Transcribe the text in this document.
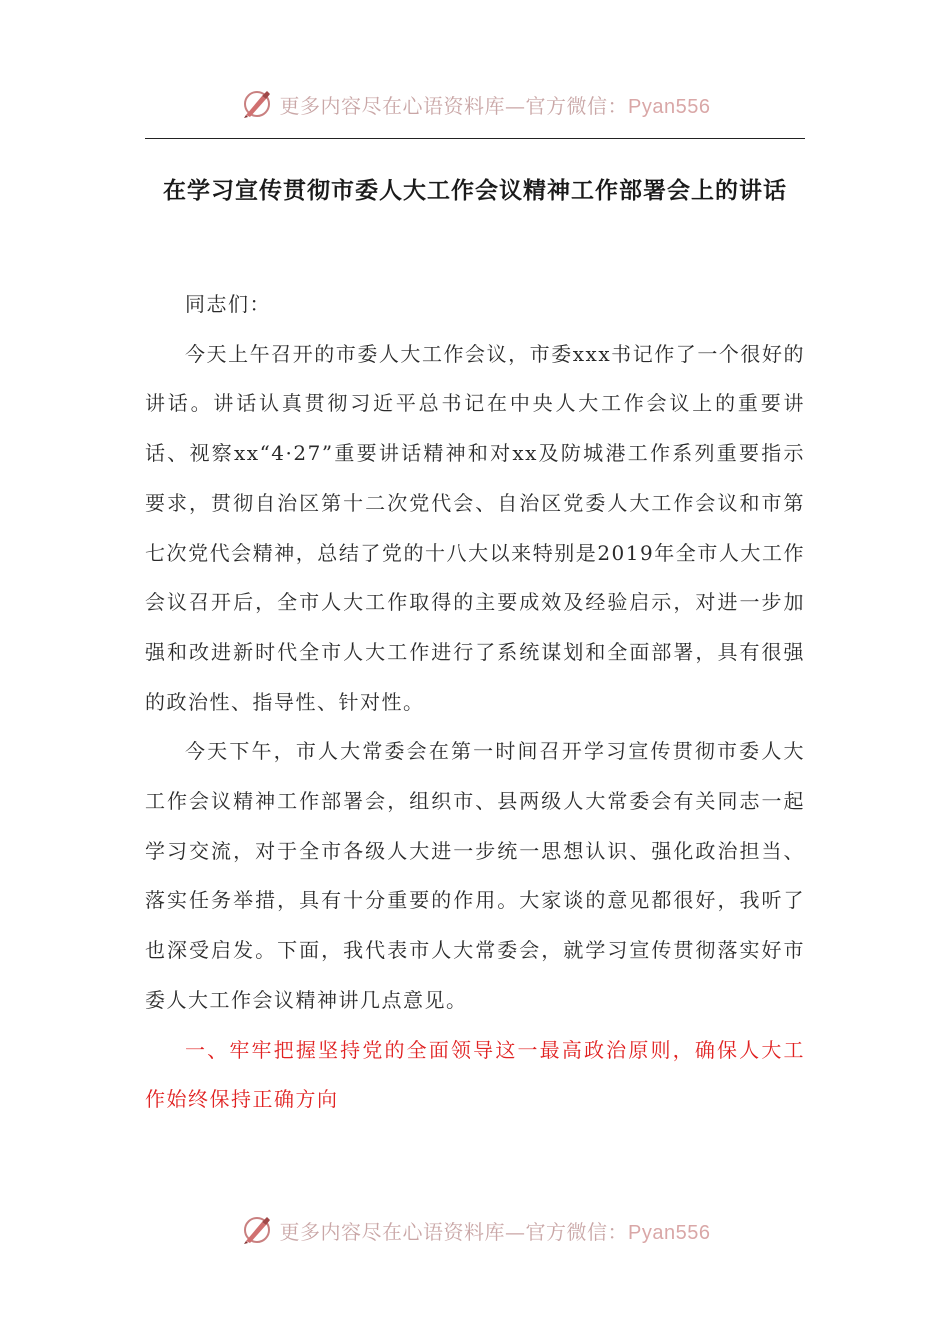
更多内容尽在心语资料库—官方微信：Pyan556
在学习宣传贯彻市委人大工作会议精神工作部署会上的讲话

同志们：

今天上午召开的市委人大工作会议，市委xxx书记作了一个很好的讲话。讲话认真贯彻习近平总书记在中央人大工作会议上的重要讲话、视察xx“4·27”重要讲话精神和对xx及防城港工作系列重要指示要求，贯彻自治区第十二次党代会、自治区党委人大工作会议和市第七次党代会精神，总结了党的十八大以来特别是2019年全市人大工作会议召开后，全市人大工作取得的主要成效及经验启示，对进一步加强和改进新时代全市人大工作进行了系统谋划和全面部署，具有很强的政治性、指导性、针对性。

今天下午，市人大常委会在第一时间召开学习宣传贯彻市委人大工作会议精神工作部署会，组织市、县两级人大常委会有关同志一起学习交流，对于全市各级人大进一步统一思想认识、强化政治担当、落实任务举措，具有十分重要的作用。大家谈的意见都很好，我听了也深受启发。下面，我代表市人大常委会，就学习宣传贯彻落实好市委人大工作会议精神讲几点意见。

一、牢牢把握坚持党的全面领导这一最高政治原则，确保人大工作始终保持正确方向

更多内容尽在心语资料库—官方微信：Pyan556
